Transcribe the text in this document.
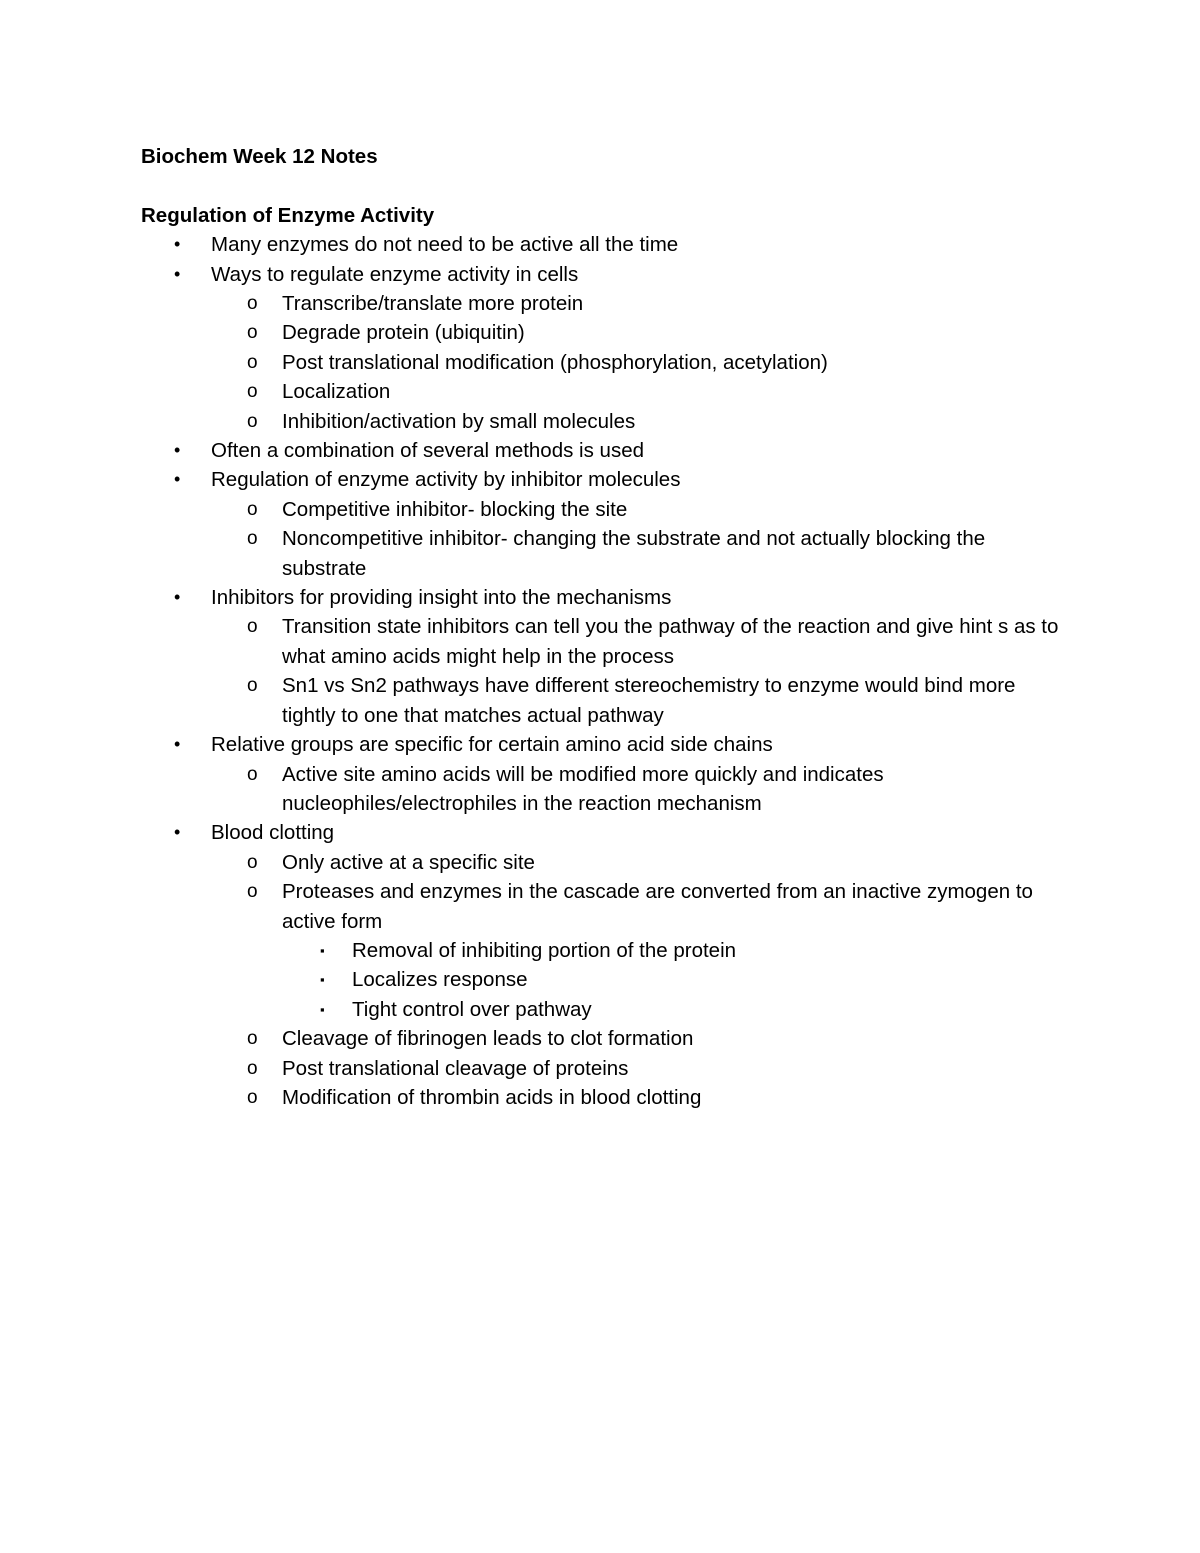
Biochem Week 12 Notes
Regulation of Enzyme Activity
• Many enzymes do not need to be active all the time
• Ways to regulate enzyme activity in cells
o Transcribe/translate more protein
o Degrade protein (ubiquitin)
o Post translational modification (phosphorylation, acetylation)
o Localization
o Inhibition/activation by small molecules
• Often a combination of several methods is used
• Regulation of enzyme activity by inhibitor molecules
o Competitive inhibitor- blocking the site
o Noncompetitive inhibitor- changing the substrate and not actually blocking the substrate
• Inhibitors for providing insight into the mechanisms
o Transition state inhibitors can tell you the pathway of the reaction and give hint s as to what amino acids might help in the process
o Sn1 vs Sn2 pathways have different stereochemistry to enzyme would bind more tightly to one that matches actual pathway
• Relative groups are specific for certain amino acid side chains
o Active site amino acids will be modified more quickly and indicates nucleophiles/electrophiles in the reaction mechanism
• Blood clotting
o Only active at a specific site
o Proteases and enzymes in the cascade are converted from an inactive zymogen to active form
▪ Removal of inhibiting portion of the protein
▪ Localizes response
▪ Tight control over pathway
o Cleavage of fibrinogen leads to clot formation
o Post translational cleavage of proteins
o Modification of thrombin acids in blood clotting
